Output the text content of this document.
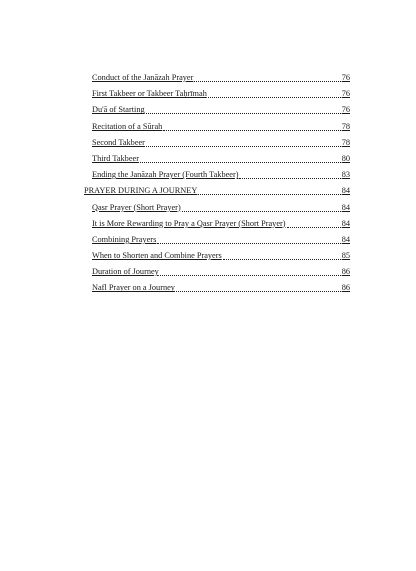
Conduct of the Janāzah Prayer	76
First Takbeer or Takbeer Taḥrīmah	76
Du'ā of Starting	76
Recitation of a Sūrah	78
Second Takbeer	78
Third Takbeer	80
Ending the Janāzah Prayer (Fourth Takbeer)	83
PRAYER DURING A JOURNEY	84
Qasr Prayer (Short Prayer)	84
It is More Rewarding to Pray a Qasr Prayer (Short Prayer)	84
Combining Prayers	84
When to Shorten and Combine Prayers	85
Duration of Journey	86
Nafl Prayer on a Journey	86
